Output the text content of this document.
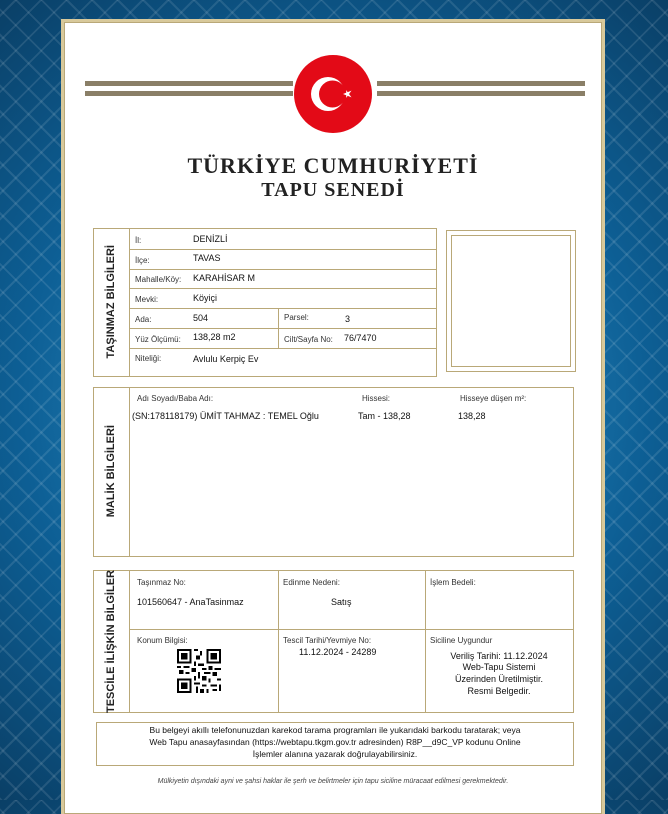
TÜRKİYE CUMHURİYETİ
TAPU SENEDİ
TAŞINMAZ BİLGİLERİ
İl:	DENİZLİ
İlçe:	TAVAS
Mahalle/Köy: KARAHİSAR M
Mevki:	Köyiçi
Ada:	504	Parsel:	3
Yüz Ölçümü: 138,28 m2	Cilt/Sayfa No: 76/7470
Niteliği:	Avlulu Kerpiç Ev
MALİK BİLGİLERİ
Adı Soyadı/Baba Adı:	Hissesi:	Hisseye düşen m²:
(SN:178118179) ÜMİT TAHMAZ : TEMEL Oğlu	Tam - 138,28	138,28
TESCİLE İLİŞKİN BİLGİLER	Taşınmaz No:
101560647 - AnaTasinmaz
Edinme Nedeni:
Satış
İşlem Bedeli:
Konum Bilgisi:	Tescil Tarihi/Yevmiye No:
11.12.2024 - 24289
Siciline Uygundur
Veriliş Tarihi: 11.12.2024
Web-Tapu Sistemi
Üzerinden Üretilmiştir.
Resmi Belgedir.
Bu belgeyi akıllı telefonunuzdan karekod tarama programları ile yukarıdaki barkodu taratarak; veya
Web Tapu anasayfasından (https://webtapu.tkgm.gov.tr adresinden) R8P__d9C_VP kodunu Online
İşlemler alanına yazarak doğrulayabilirsiniz.
Mülkiyetin dışındaki ayni ve şahsi haklar ile şerh ve belirtmeler için tapu siciline müracaat edilmesi gerekmektedir.
